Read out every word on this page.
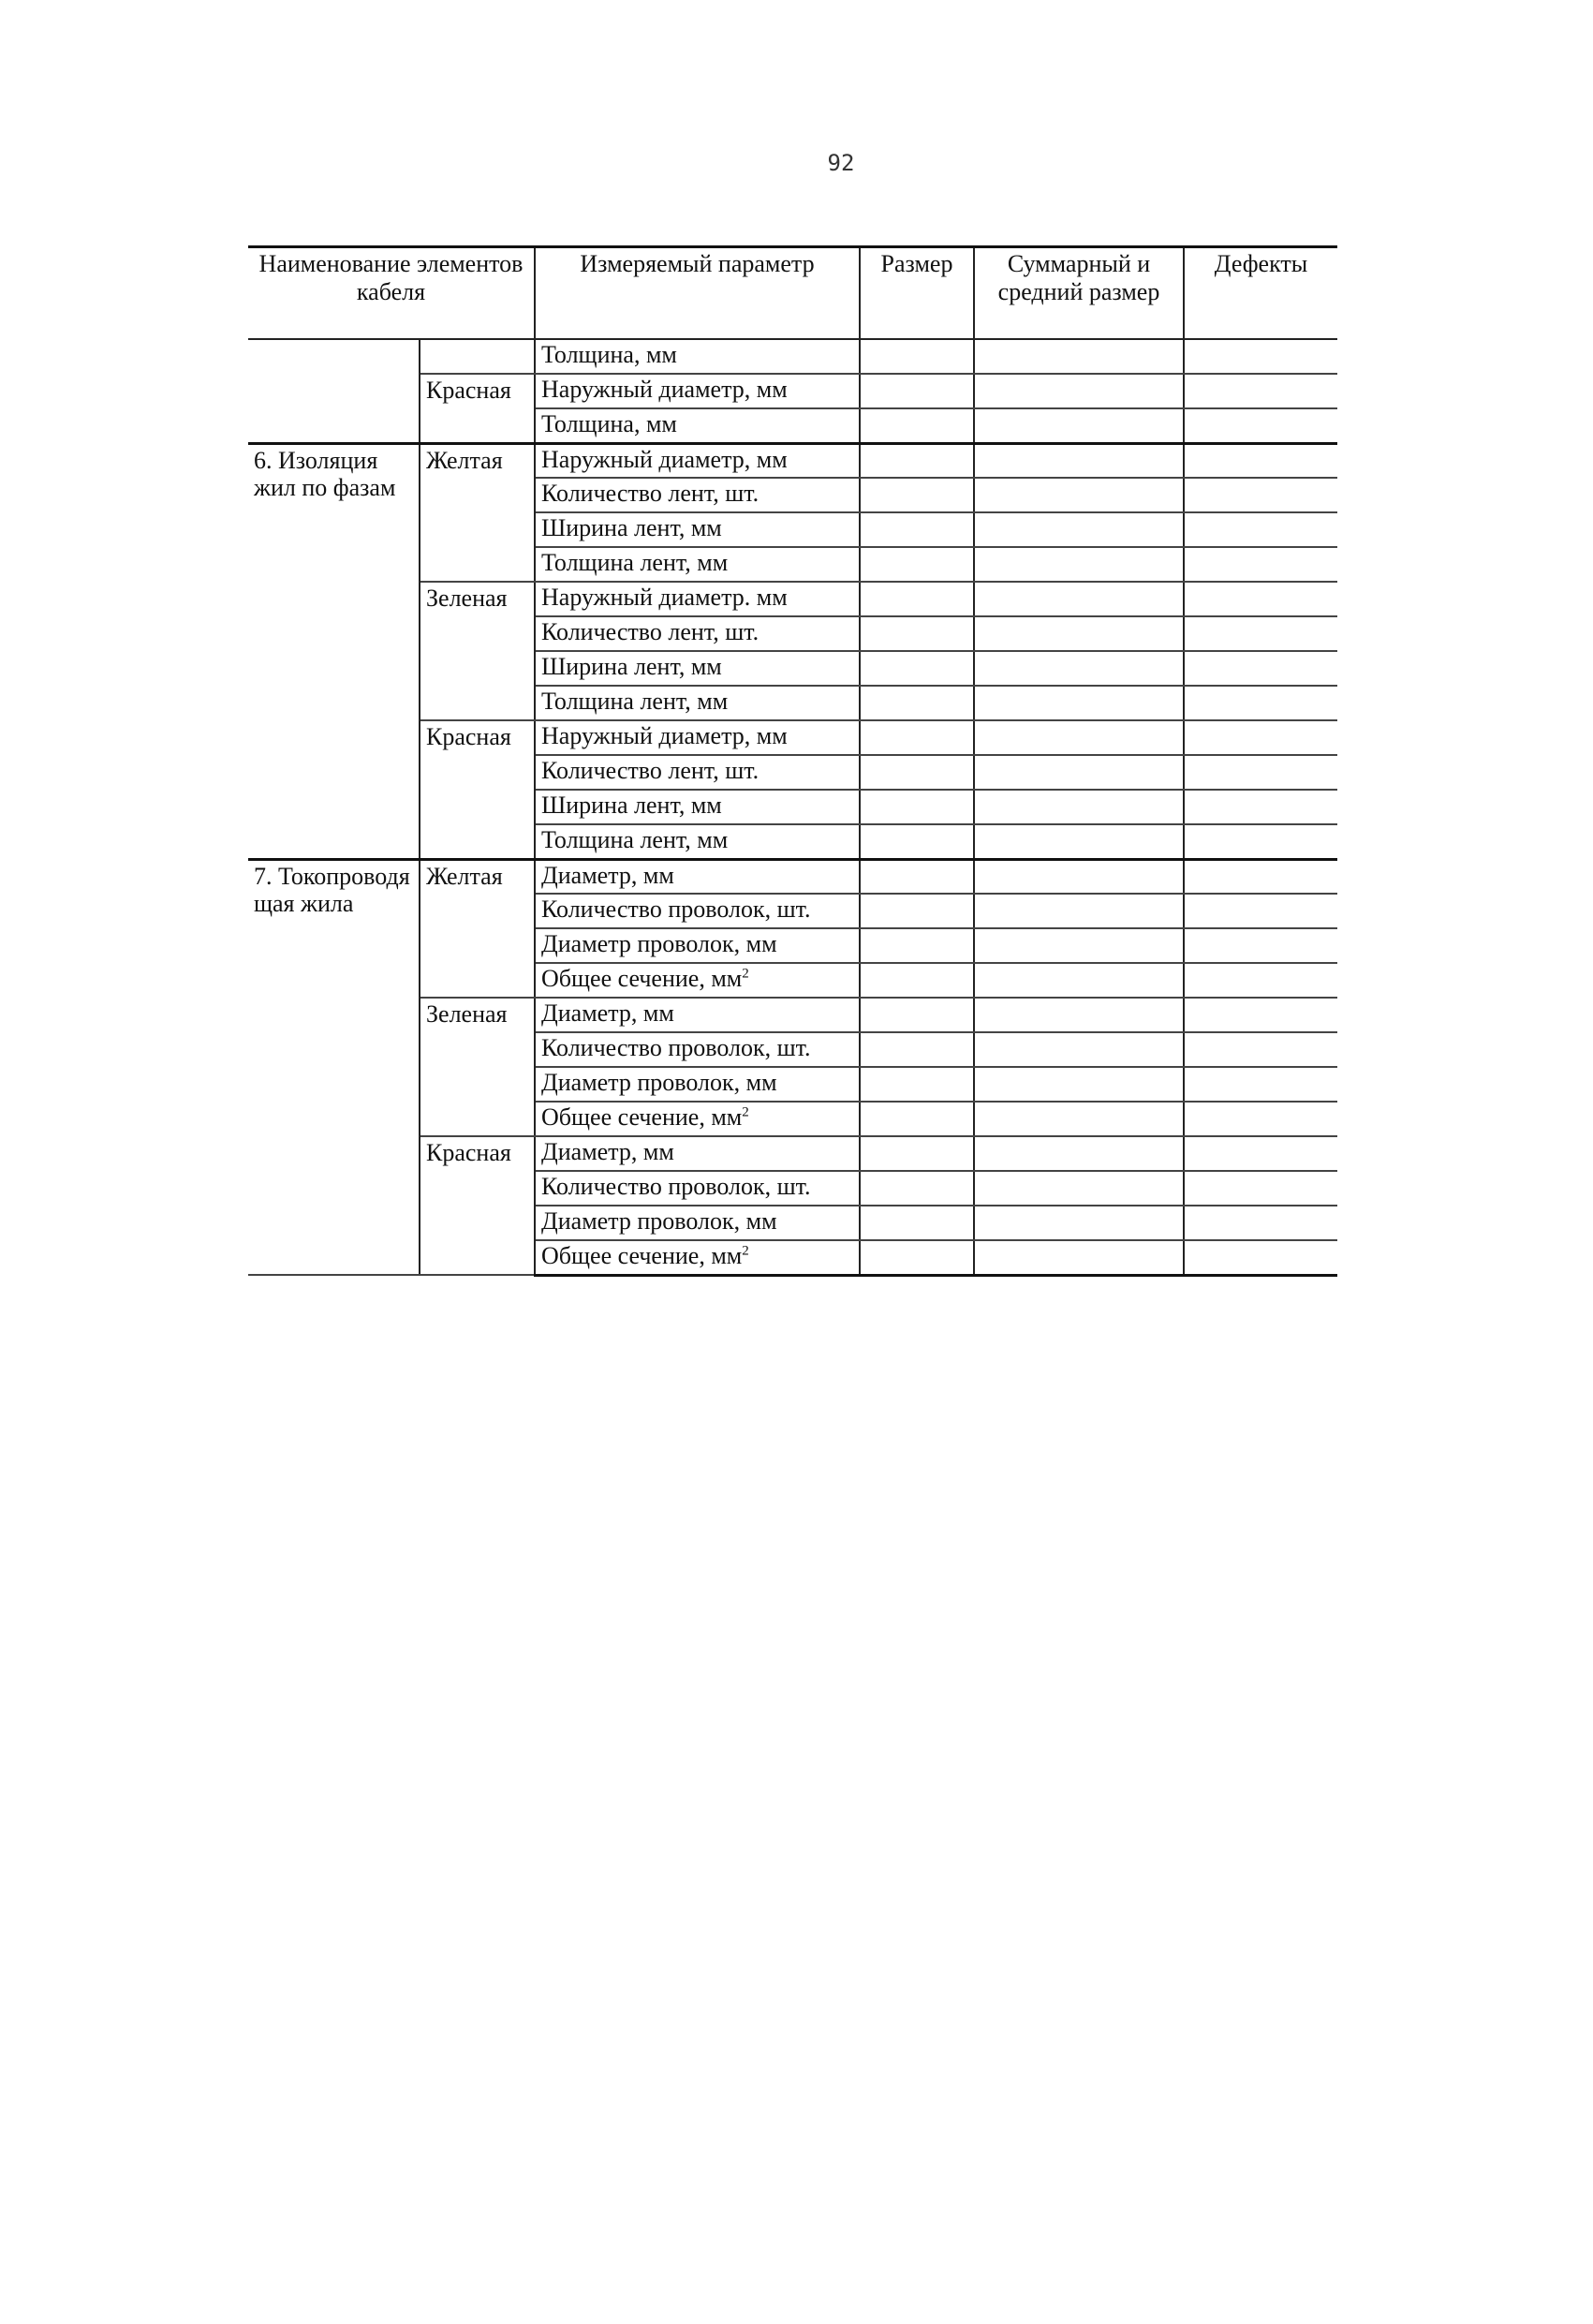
92
Наименование элементов кабеля		Измеряемый параметр	Размер	Суммарный и средний размер	Дефекты
		Толщина, мм			
	Красная	Наружный диаметр, мм			
		Толщина, мм			
6. Изоляция жил по фазам	Желтая	Наружный диаметр, мм			
		Количество лент, шт.			
		Ширина лент, мм			
		Толщина лент, мм			
	Зеленая	Наружный диаметр. мм			
		Количество лент, шт.			
		Ширина лент, мм			
		Толщина лент, мм			
	Красная	Наружный диаметр, мм			
		Количество лент, шт.			
		Ширина лент, мм			
		Толщина лент, мм			
7. Токопроводя щая жила	Желтая	Диаметр, мм			
		Количество проволок, шт.			
		Диаметр проволок, мм			
		Общее сечение, $мм^2$			
	Зеленая	Диаметр, мм			
		Количество проволок, шт.			
		Диаметр проволок, мм			
		Общее сечение, $мм^2$			
	Красная	Диаметр, мм			
		Количество проволок, шт.			
		Диаметр проволок, мм			
		Общее сечение, $мм^2$			
